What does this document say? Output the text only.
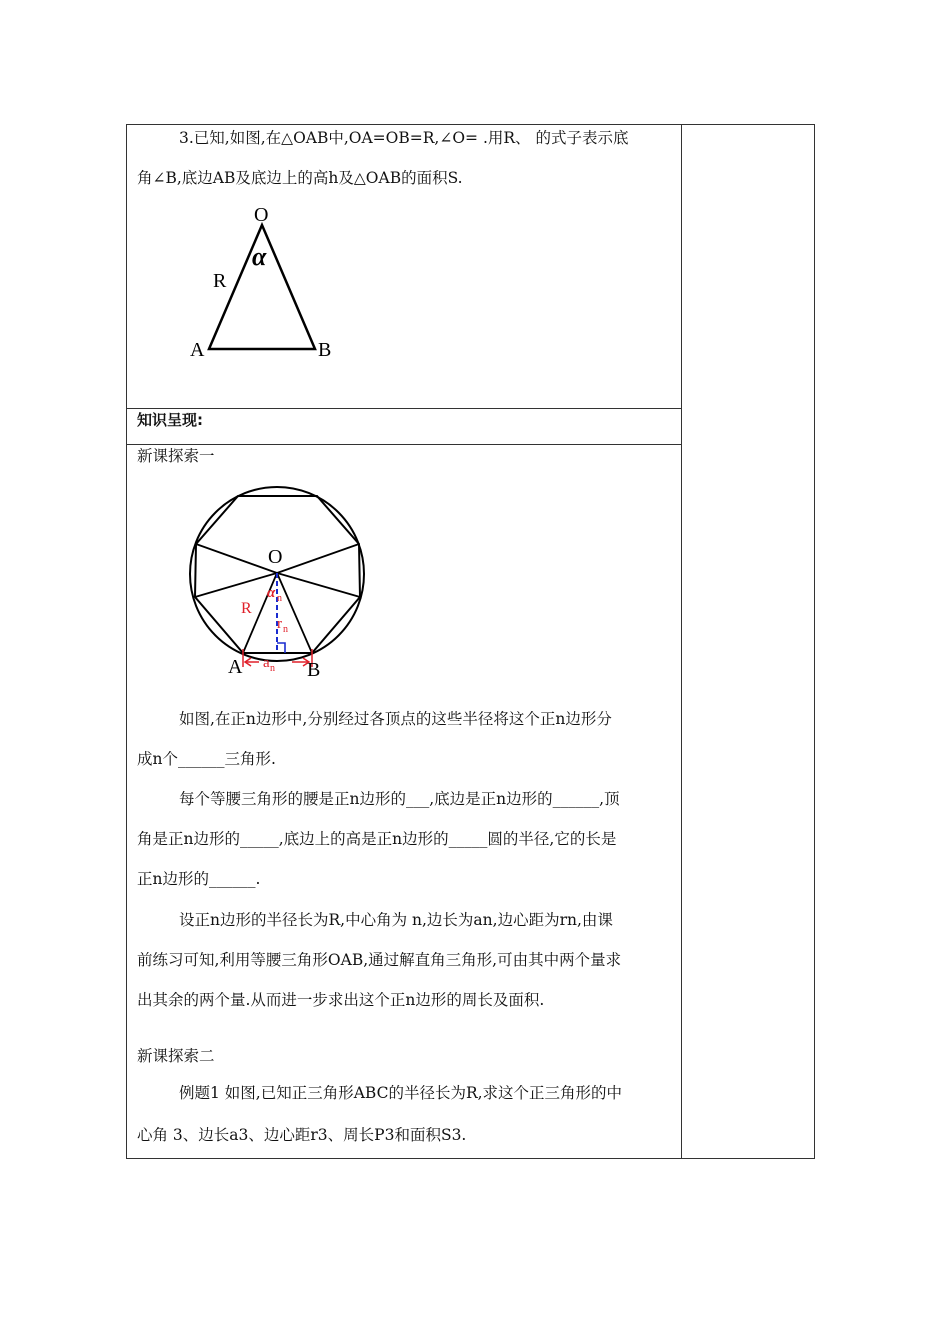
3.已知,如图,在△OAB中,OA=OB=R,∠O= .用R、 的式子表示底

角∠B,底边AB及底边上的高h及△OAB的面积S.

O
α
R
A	B

知识呈现:

新课探索一

O
α n
R
r n
a n
A	B

如图,在正n边形中,分别经过各顶点的这些半径将这个正n边形分

成n个______三角形.

每个等腰三角形的腰是正n边形的___,底边是正n边形的______,顶

角是正n边形的_____,底边上的高是正n边形的_____圆的半径,它的长是

正n边形的______.

设正n边形的半径长为R,中心角为 n,边长为an,边心距为rn,由课

前练习可知,利用等腰三角形OAB,通过解直角三角形,可由其中两个量求

出其余的两个量.从而进一步求出这个正n边形的周长及面积.

新课探索二

例题1 如图,已知正三角形ABC的半径长为R,求这个正三角形的中

心角 3、边长a3、边心距r3、周长P3和面积S3.
